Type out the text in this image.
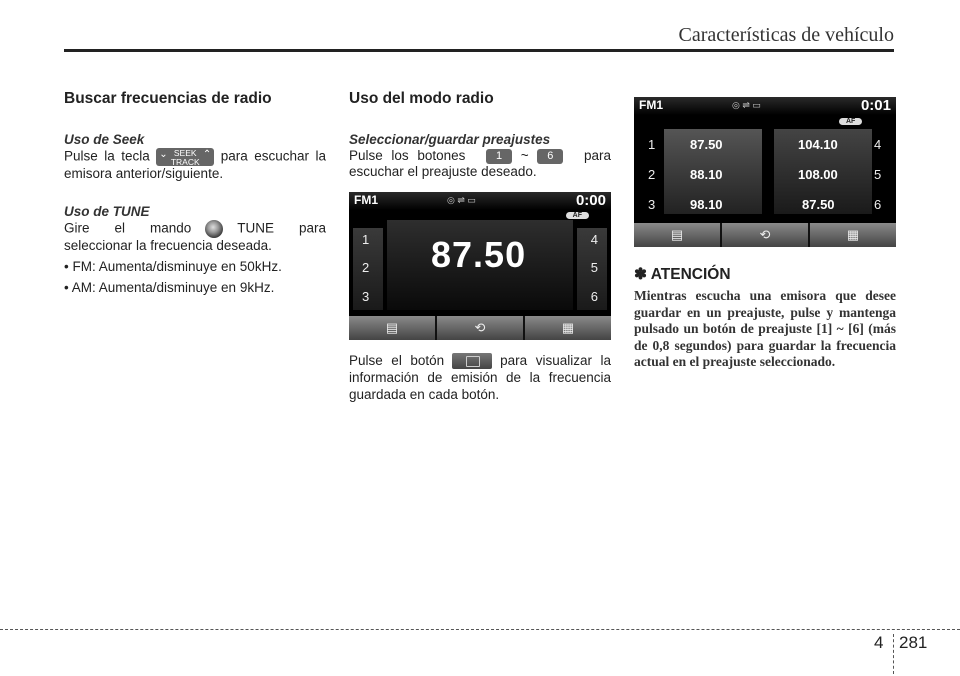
Características de vehículo
Buscar frecuencias de radio
Uso de Seek

Pulse la tecla ⌄ SEEK
TRACK
⌃ para escuchar la emisora anterior/siguiente.

Uso de TUNE

Gire el mando	TUNE para seleccionar la frecuencia deseada.

• FM: Aumenta/disminuye en 50kHz.
• AM: Aumenta/disminuye en 9kHz.
Uso del modo radio
Seleccionar/guardar preajustes

Pulse los botones	1 ~ 6 para escuchar el preajuste deseado.

FM1	◎ ⇌ ▭	0:00
AF
1
2
3
4
5
6
87.50
▤	⟲	▦

Pulse el botón	para visualizar la información de emisión de la frecuencia guardada en cada botón.

FM1	◎ ⇌ ▭	0:01
AF
1
2
3
87.50
88.10
98.10
104.10
108.00
87.50
4
5
6
▤	⟲	▦
✽ ATENCIÓN
Mientras escucha una emisora que desee guardar en un preajuste, pulse y mantenga pulsado un botón de preajuste [1] ~ [6] (más de 0,8 segundos) para guardar la frecuencia actual en el preajuste seleccionado.
4 281
